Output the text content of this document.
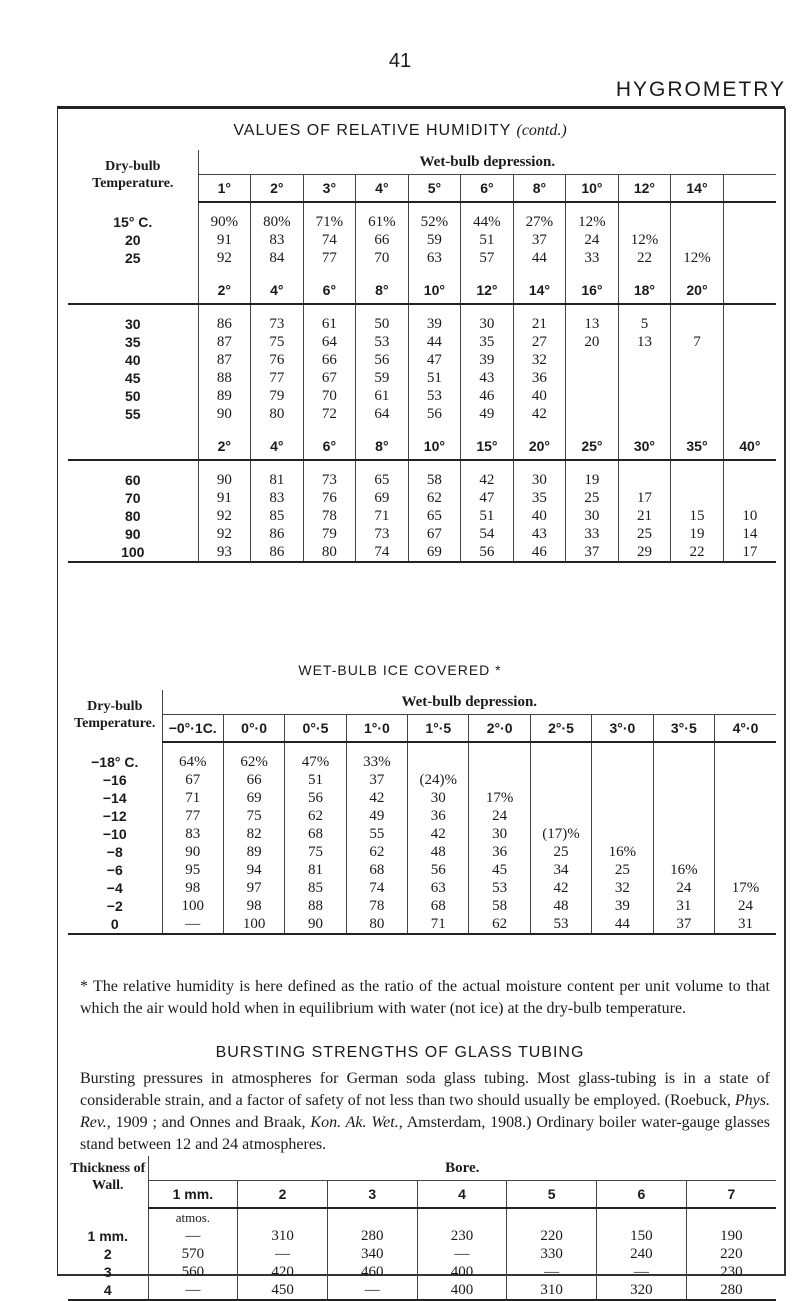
41
HYGROMETRY
VALUES OF RELATIVE HUMIDITY (contd.)
Dry-bulb Temperature.	Wet-bulb depression.										
	1°	2°	3°	4°	5°	6°	8°	10°	12°	14°	

15° C.	90%	80%	71%	61%	52%	44%	27%	12%			
20	91	83	74	66	59	51	37	24	12%		
25	92	84	77	70	63	57	44	33	22	12%	

	2°	4°	6°	8°	10°	12°	14°	16°	18°	20°	

30	86	73	61	50	39	30	21	13	5		
35	87	75	64	53	44	35	27	20	13	7	
40	87	76	66	56	47	39	32				
45	88	77	67	59	51	43	36				
50	89	79	70	61	53	46	40				
55	90	80	72	64	56	49	42				

	2°	4°	6°	8°	10°	15°	20°	25°	30°	35°	40°

60	90	81	73	65	58	42	30	19			
70	91	83	76	69	62	47	35	25	17		
80	92	85	78	71	65	51	40	30	21	15	10
90	92	86	79	73	67	54	43	33	25	19	14
100	93	86	80	74	69	56	46	37	29	22	17
WET-BULB ICE COVERED *
Dry-bulb Temperature.	Wet-bulb depression.									
	−0°·1C.	0°·0	0°·5	1°·0	1°·5	2°·0	2°·5	3°·0	3°·5	4°·0

−18° C.	64%	62%	47%	33%						
−16	67	66	51	37	(24)%					
−14	71	69	56	42	30	17%				
−12	77	75	62	49	36	24				
−10	83	82	68	55	42	30	(17)%			
−8	90	89	75	62	48	36	25	16%		
−6	95	94	81	68	56	45	34	25	16%	
−4	98	97	85	74	63	53	42	32	24	17%
−2	100	98	88	78	68	58	48	39	31	24
0	—	100	90	80	71	62	53	44	37	31
* The relative humidity is here defined as the ratio of the actual moisture content per unit volume to that which the air would hold when in equilibrium with water (not ice) at the dry-bulb temperature.
BURSTING STRENGTHS OF GLASS TUBING
Bursting pressures in atmospheres for German soda glass tubing. Most glass-tubing is in a state of considerable strain, and a factor of safety of not less than two should usually be employed. (Roebuck, Phys. Rev., 1909 ; and Onnes and Braak, Kon. Ak. Wet., Amsterdam, 1908.) Ordinary boiler water-gauge glasses stand between 12 and 24 atmospheres.
Thickness of Wall.	Bore.						
	1 mm.	2	3	4	5	6	7
	atmos.						
1 mm.	—	310	280	230	220	150	190
2	570	—	340	—	330	240	220
3	560	420	460	400	—	—	230
4	—	450	—	400	310	320	280
